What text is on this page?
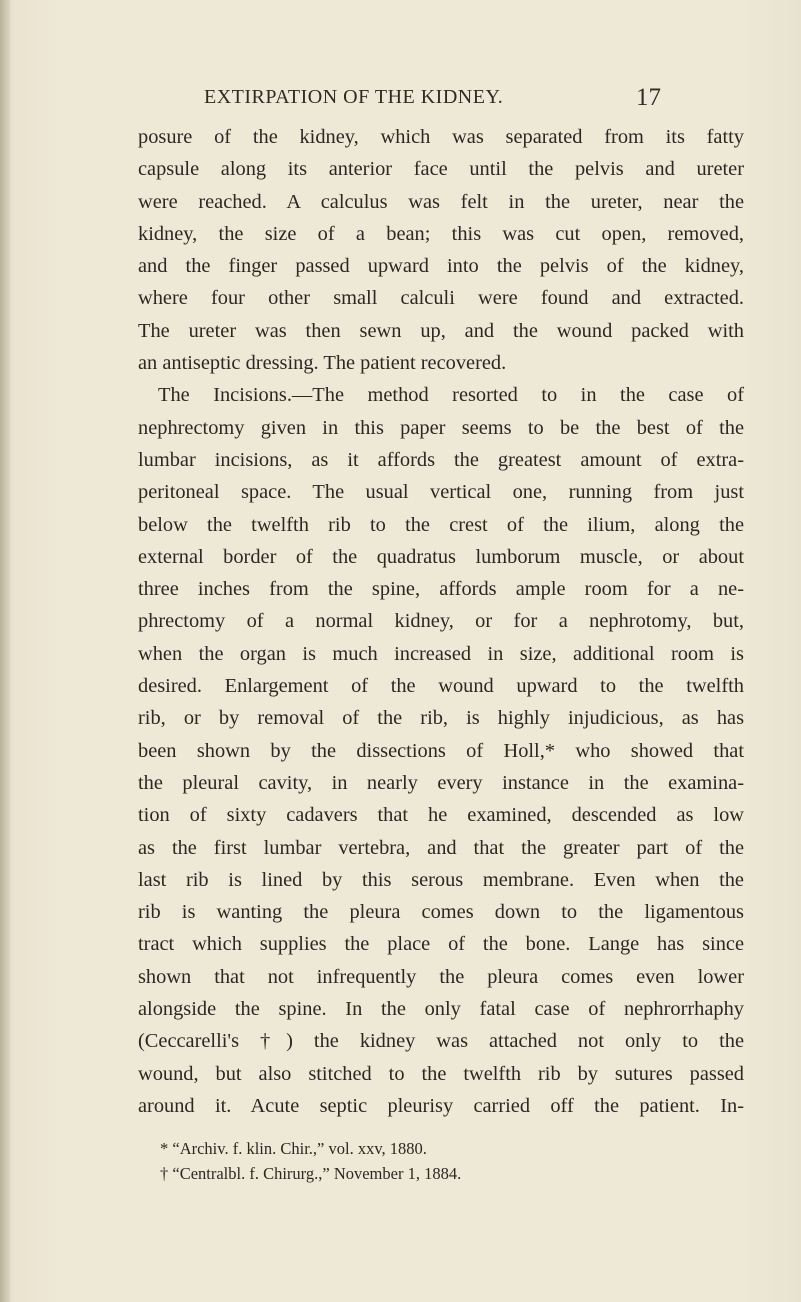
EXTIRPATION OF THE KIDNEY.	17
posure of the kidney, which was separated from its fatty
capsule along its anterior face until the pelvis and ureter
were reached. A calculus was felt in the ureter, near the
kidney, the size of a bean; this was cut open, removed,
and the finger passed upward into the pelvis of the kidney,
where four other small calculi were found and extracted.
The ureter was then sewn up, and the wound packed with
an antiseptic dressing. The patient recovered.
The Incisions.—The method resorted to in the case of
nephrectomy given in this paper seems to be the best of the
lumbar incisions, as it affords the greatest amount of extra-
peritoneal space. The usual vertical one, running from just
below the twelfth rib to the crest of the ilium, along the
external border of the quadratus lumborum muscle, or about
three inches from the spine, affords ample room for a ne-
phrectomy of a normal kidney, or for a nephrotomy, but,
when the organ is much increased in size, additional room is
desired. Enlargement of the wound upward to the twelfth
rib, or by removal of the rib, is highly injudicious, as has
been shown by the dissections of Holl,* who showed that
the pleural cavity, in nearly every instance in the examina-
tion of sixty cadavers that he examined, descended as low
as the first lumbar vertebra, and that the greater part of the
last rib is lined by this serous membrane. Even when the
rib is wanting the pleura comes down to the ligamentous
tract which supplies the place of the bone. Lange has since
shown that not infrequently the pleura comes even lower
alongside the spine. In the only fatal case of nephrorrhaphy
(Ceccarelli's †) the kidney was attached not only to the
wound, but also stitched to the twelfth rib by sutures passed
around it. Acute septic pleurisy carried off the patient. In-
* “Archiv. f. klin. Chir.,” vol. xxv, 1880.
† “Centralbl. f. Chirurg.,” November 1, 1884.
